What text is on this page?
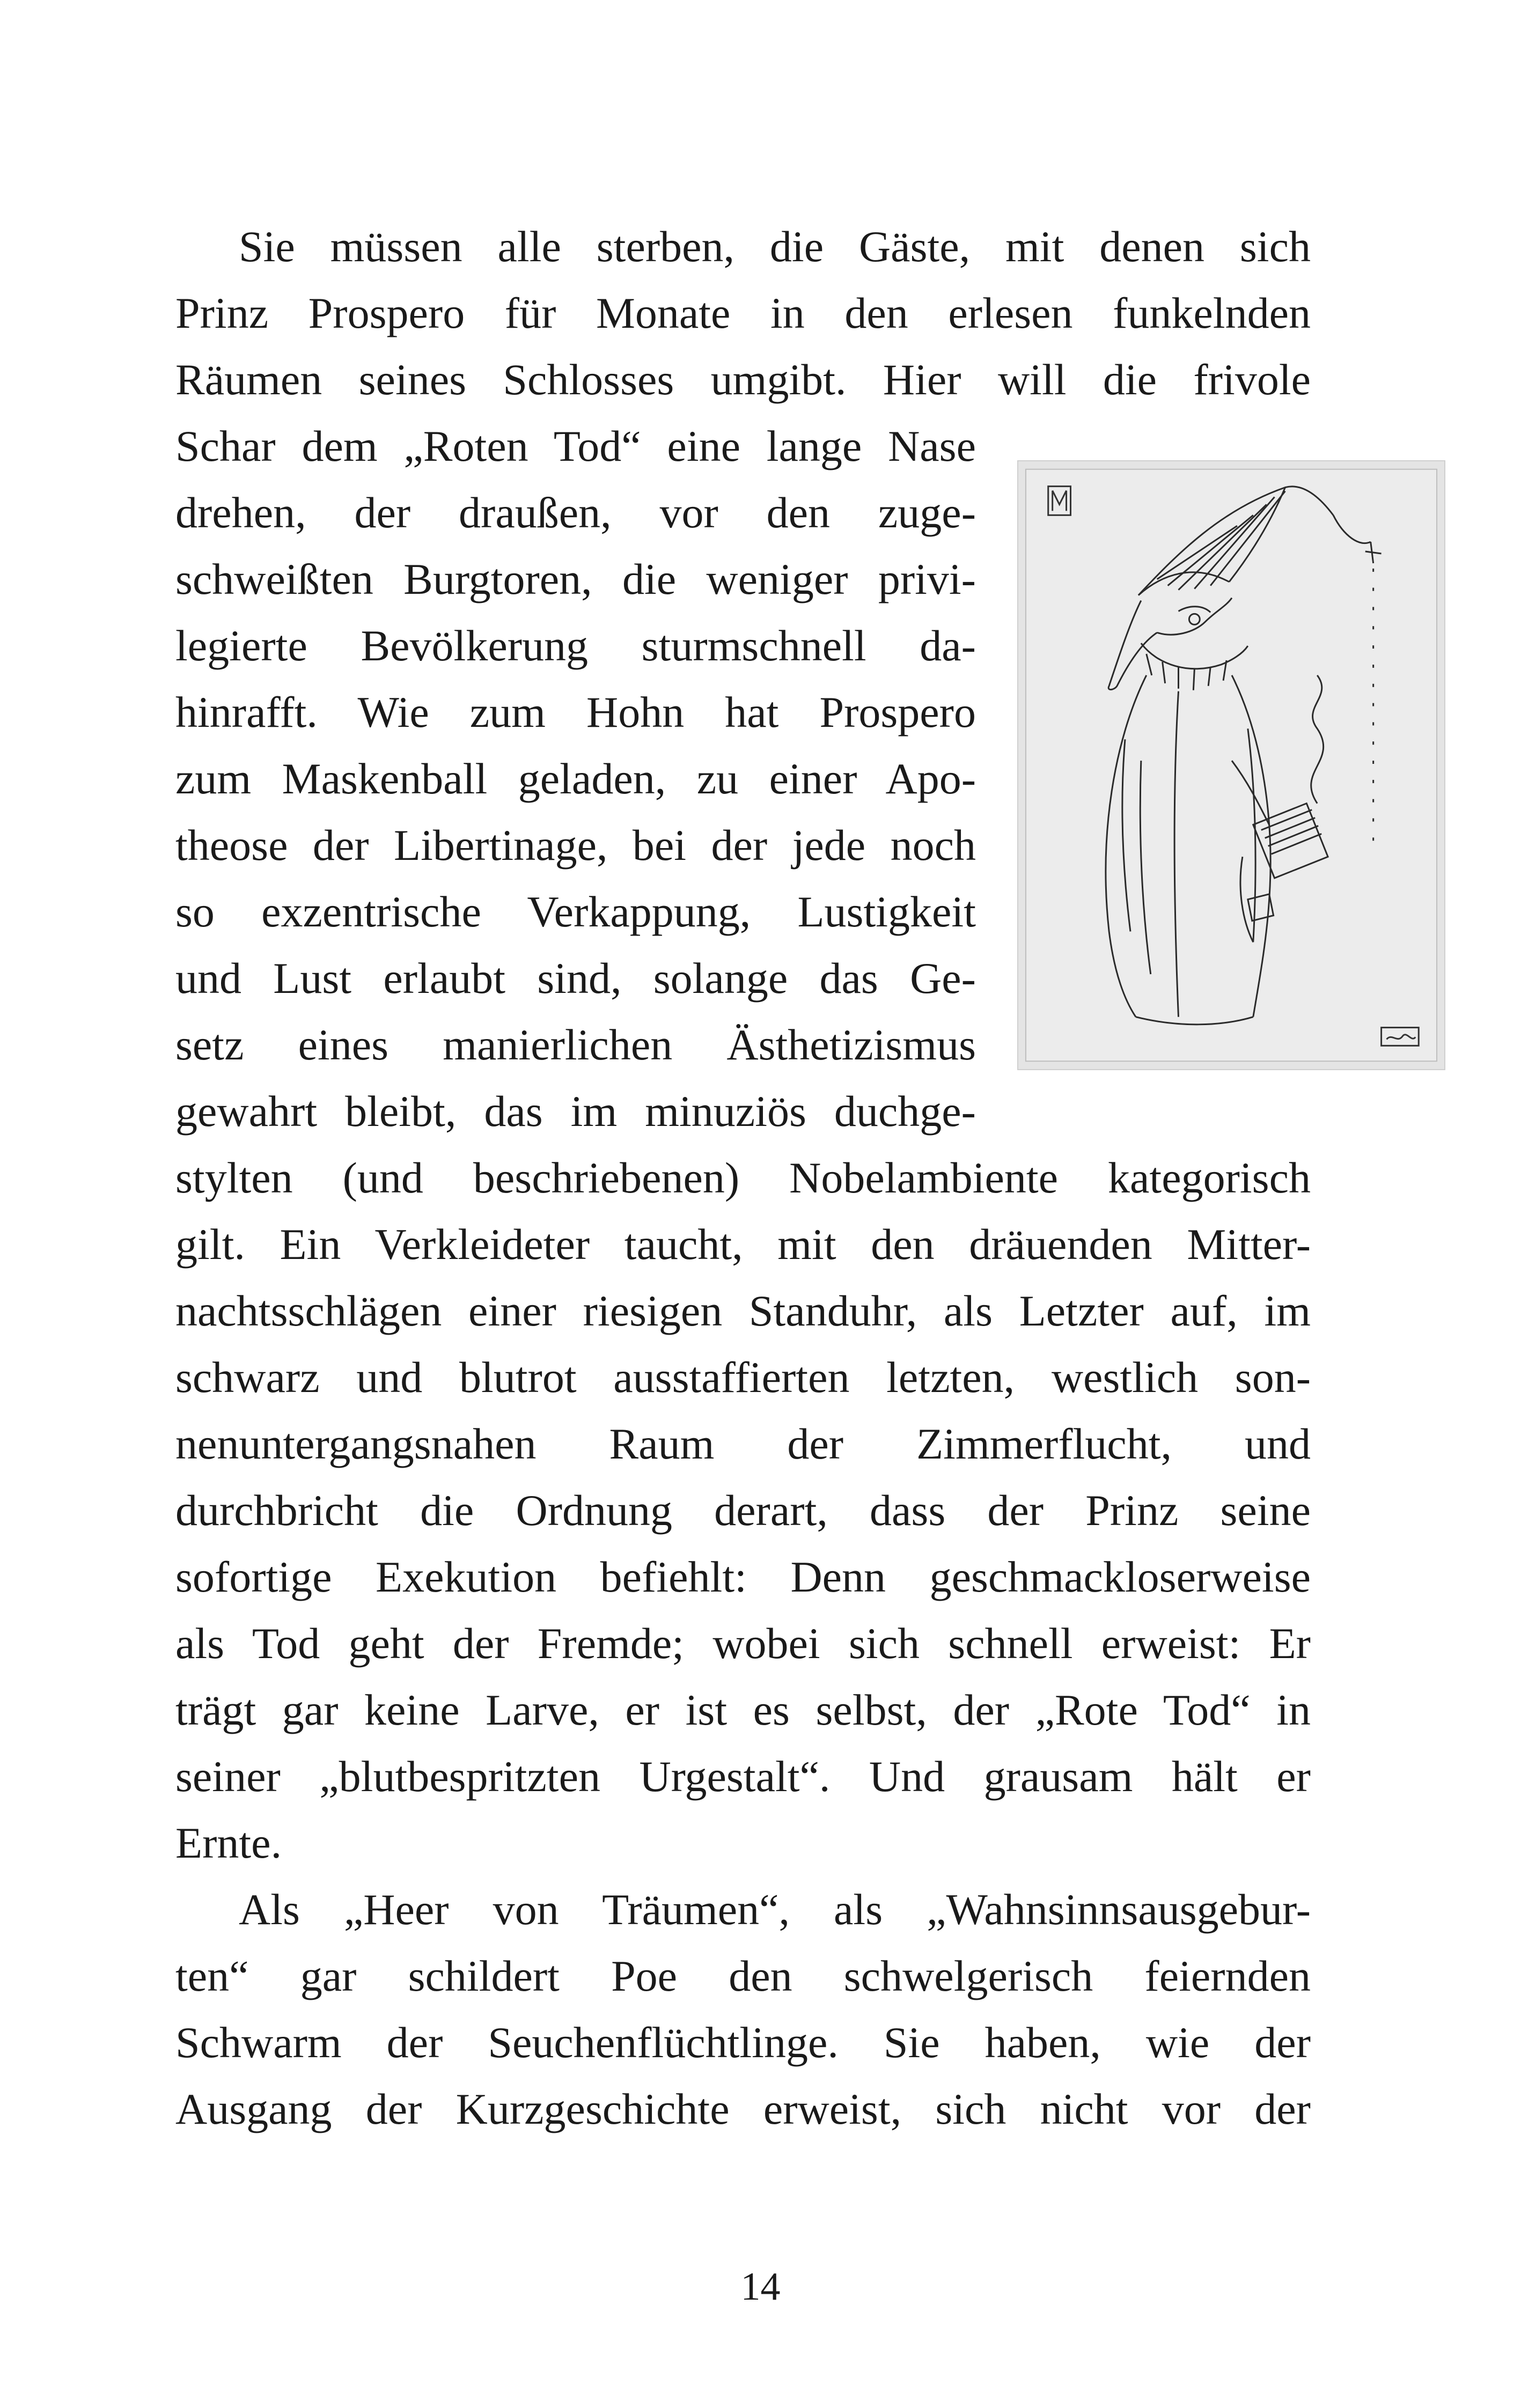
Sie müssen alle sterben, die Gäste, mit denen sich
Prinz Prospero für Monate in den erlesen funkelnden
Räumen seines Schlosses umgibt. Hier will die frivole
Schar dem „Roten Tod“ eine lange Nase
drehen, der draußen, vor den zuge-
schweißten Burgtoren, die weniger privi-
legierte Bevölkerung sturmschnell da-
hinrafft. Wie zum Hohn hat Prospero
zum Maskenball geladen, zu einer Apo-
theose der Libertinage, bei der jede noch
so exzentrische Verkappung, Lustigkeit
und Lust erlaubt sind, solange das Ge-
setz eines manierlichen Ästhetizismus
gewahrt bleibt, das im minuziös duchge-
stylten (und beschriebenen) Nobelambiente kategorisch
gilt. Ein Verkleideter taucht, mit den dräuenden Mitter-
nachtsschlägen einer riesigen Standuhr, als Letzter auf, im
schwarz und blutrot ausstaffierten letzten, westlich son-
nenuntergangsnahen Raum der Zimmerflucht, und
durchbricht die Ordnung derart, dass der Prinz seine
sofortige Exekution befiehlt: Denn geschmackloserweise
als Tod geht der Fremde; wobei sich schnell erweist: Er
trägt gar keine Larve, er ist es selbst, der „Rote Tod“ in
seiner „blutbespritzten Urgestalt“. Und grausam hält er
Ernte.
Als „Heer von Träumen“, als „Wahnsinnsausgebur-
ten“ gar schildert Poe den schwelgerisch feiernden
Schwarm der Seuchenflüchtlinge. Sie haben, wie der
Ausgang der Kurzgeschichte erweist, sich nicht vor der
14
